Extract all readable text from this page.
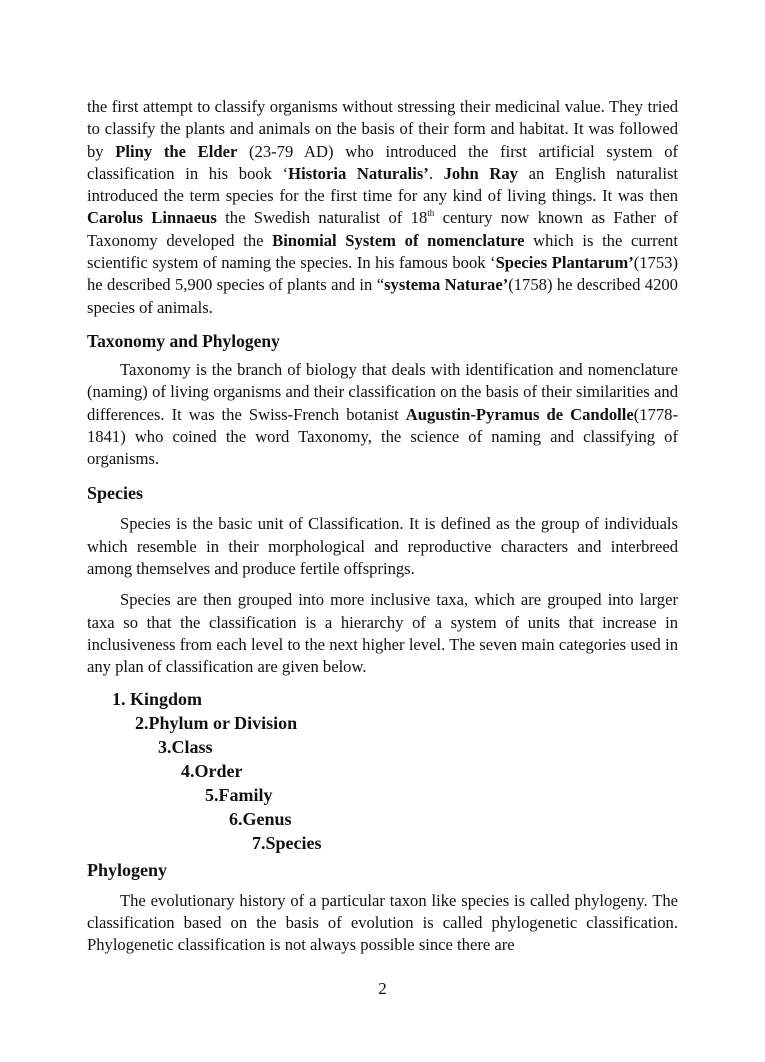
the first attempt to classify organisms without stressing their medicinal value. They tried to classify the plants and animals on the basis of their form and habitat. It was followed by Pliny the Elder (23-79 AD) who introduced the first artificial system of classification in his book ‘Historia Naturalis’. John Ray an English naturalist introduced the term species for the first time for any kind of living things. It was then Carolus Linnaeus the Swedish naturalist of 18th century now known as Father of Taxonomy developed the Binomial System of nomenclature which is the current scientific system of naming the species. In his famous book ‘Species Plantarum’(1753) he described 5,900 species of plants and in “systema Naturae’(1758) he described 4200 species of animals.

Taxonomy and Phylogeny

Taxonomy is the branch of biology that deals with identification and nomenclature (naming) of living organisms and their classification on the basis of their similarities and differences. It was the Swiss-French botanist Augustin-Pyramus de Candolle(1778-1841) who coined the word Taxonomy, the science of naming and classifying of organisms.

Species

Species is the basic unit of Classification. It is defined as the group of individuals which resemble in their morphological and reproductive characters and interbreed among themselves and produce fertile offsprings.

Species are then grouped into more inclusive taxa, which are grouped into larger taxa so that the classification is a hierarchy of a system of units that increase in inclusiveness from each level to the next higher level. The seven main categories used in any plan of classification are given below.

1. Kingdom
2.Phylum or Division
3.Class
4.Order
5.Family
6.Genus
7.Species
Phylogeny

The evolutionary history of a particular taxon like species is called phylogeny. The classification based on the basis of evolution is called phylogenetic classification. Phylogenetic classification is not always possible since there are

2
